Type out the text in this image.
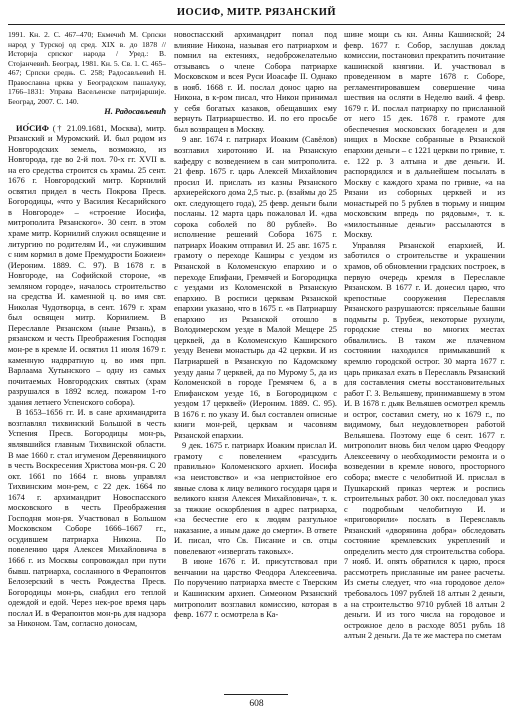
ИОСИФ, МИТР. РЯЗАНСКИЙ

1991. Кн. 2. С. 467–470; Екмечић М. Српски народ у Турској од сред. XIX в. до 1878 // Историја српског народа / Уред.: В. Стојанчевић. Београд, 1981. Кн. 5. Св. 1. С. 465–467; Српски средњ. С. 258; Радосављевић Н. Православна црква у Београдском пашалуку, 1766–1831: Управа Васељенске патријаршије. Београд, 2007. С. 140.

Н. Радосављевић

ИО́СИФ († 21.09.1681, Москва), митр. Рязанский и Муромский. И. был родом из Новгородских земель, возможно, из Новгорода, где во 2-й пол. 70-х гг. XVII в. на его средства строится сь храмы. 25 сент. 1676 г. Новгородский митр. Корнилий освятил придел в честь Покрова Пресв. Богородицы, «что у Василия Кесарийского в Новгороде» – «строение Иосифа, митрополита Рязанского». 30 сент. в этом храме митр. Корнилий служил освящение и литургию по родителям И., «и служившим с ним кормил в доме Премудрости Божиеи» (Иероним. 1889. С. 97). В 1678 г. в Новгороде, на Софийской стороне, «в земляном городе», началось строительство на средства И. каменной ц. во имя свт. Николая Чудотворца, в сент. 1679 г. храм был освящен митр. Корнилием. В Переславле Рязанском (ныне Рязань), в рязанском и честь Преображения Господня мон-ре в кремле И. освятил 11 июля 1679 г. каменную надвратную ц. во имя прп. Варлаама Хутынского – одну из самых почитаемых Новгородских святых (храм разрушался в 1892 вслед. пожаром 1-го здания летнего Успенского собора).

В 1653–1656 гг. И. в сане архимандрита возглавлял тихвинский Большой в честь Успения Пресв. Богородицы мон-рь, являвшийся главным Тихвинской области. В мае 1660 г. стал игуменом Деревяницкого в честь Воскресения Христова мон-ря. С 20 окт. 1661 по 1664 г. вновь управлял Тихвинским мон-рем, с 22 дек. 1664 по 1674 г. архимандрит Новоспасского московского в честь Преображения Господня мон-ря. Участвовал в Большом Московском Соборе 1666–1667 гг., осудившем патриарха Никона. По повелению царя Алексея Михайловича в 1666 г. из Москвы сопровождал при пути бывш. патриарха, сосланного в Ферапонтов Белозерский в честь Рождества Пресв. Богородицы мон-рь, снабдил его теплой одеждой и едой. Через нек-рое время царь послал И. в Ферапонтов мон-рь для надзора за Никоном. Там, согласно доносам,

новоспасский архимандрит попал под влияние Никона, называя его патриархом и помнил на ектениях, недоброжелательно отзываясь о члене Собора патриархе Московском и всея Руси Иоасафе II. Однако в нояб. 1668 г. И. послал донос царю на Никона, в к-ром писал, что Никон принимал у себя богатых казаков, обещавших ему вернуть Патриаршество. И. по его просьбе был возвращен в Москву.

9 авг. 1674 г. патриарх Иоаким (Савёлов) возглавил хиротонию И. на Рязанскую кафедру с возведением в сан митрополита. 21 февр. 1675 г. царь Алексей Михайлович просил И. прислать из казны Рязанского архиерейского дома 2,5 тыс. р. (взаймы до 25 окт. следующего года), 25 февр. деньги были посланы. 12 марта царь пожаловал И. «два сорока соболей по 80 рублей». Во исполнение решений Собора 1675 г. патриарх Иоаким отправил И. 25 авг. 1675 г. грамоту о переходе Каширы с уездом из Рязанской в Коломенскую епархию и о переходе Епифани, Гремячей и Богородицка с уездами из Коломенской в Рязанскую епархию. В росписи церквам Рязанской епархии указано, что в 1675 г. «в Патриаршу епархию из Рязанской отошло в Володимерском уезде в Малой Мещере 25 церквей, да в Коломенскую Каширского уезду Веневи монастырь да 42 церкви. И из Патриаршей в Рязанскую по Кадомскому уезду даны 7 церквей, да по Мурому 5, да из Коломенской в городе Гремячем 6, а в Епифанском уезде 16, в Богородицком с уездом 17 церквей» (Иероним. 1889. С. 95). В 1676 г. по указу И. был составлен описные книги мон-рей, церквам и часовням Рязанской епархии.

9 дек. 1675 г. патриарх Иоаким прислал И. грамоту с повелением «разсудить правильно» Коломенского архиеп. Иосифа «за неистовство» и «за непристойное его явные слова к лицу великого государя царя и великого князя Алексея Михайловича», т. к. за тяжкие оскорбления в адрес патриарха, «за бесчестие его к людям разгульное наказание, а иным даже до смерти». В ответе И. писал, что Св. Писание и св. отцы повелевают «извергать таковых».

В июне 1676 г. И. присутствовал при венчании на царство Феодора Алексеевича. По поручению патриарха вместе с Тверским и Кашинским архиеп. Симеоном Рязанский митрополит возглавил комиссию, которая в февр. 1677 г. осмотрела в Ка-

шине мощи сь кн. Анны Кашинской; 24 февр. 1677 г. Собор, заслушав доклад комиссии, постановил прекратить почитание кашинской княгини. И. участвовал в проведенном в марте 1678 г. Соборе, регламентировавшем совершение чина шествия на осляти в Неделю ваий. 4 февр. 1679 г. И. послал патриарху по присланной от него 15 дек. 1678 г. грамоте для обеспечения московских богаделен и для нищих в Москве собранные в Рязанской епархии деньги – с 1221 церкви по гривне, т. е. 122 р. 3 алтына и две деньги. И. распорядился и в дальнейшем посылать в Москву с каждого храма по гривне, «а на Рязани из соборных церквей и из монастырей по 5 рублев в тюрьму и нищим московским впредь по рядовым», т. к. «милостынные деньги» рассылаются в Москву.

Управляя Рязанской епархией, И. заботился о строительстве и украшении храмов, об обновлении градских построек, в первую очередь кремля в Переславле Рязанском. В 1677 г. И. донесил царю, что крепостные сооружения Переславля Рязанского разрушаются: прясельные башни подмыты р. Трубеж, некоторые рухнули, городские стены во многих местах обвалились. В таком же плачевном состоянии находился примыкавший к кремлю городской острог. 30 марта 1677 г. царь приказал ехать в Переславль Рязанский для составления сметы восстановительных работ Г. З. Вельяшеву, принимавшему в этом И. В 1678 г. дьяк Вельяшев осмотрел кремль и острог, составил смету, но к 1679 г., по видимому, был неудовлетворен работой Вельяшева. Поэтому еще 6 сент. 1677 г. митрополит вновь бил челом царю Феодору Алексеевичу о необходимости ремонта и о возведении в кремле нового, просторного собора; вместе с челобитной И. прислал в Пушкарский приказ чертеж и роспись строительных работ. 30 окт. последовал указ с подробным челобитную И. и «приговорили» послать в Переяславль Рязанский «дворянина добра» обследовать состояние кремлевских укреплений и определить место для строительства собора. 7 нояб. И. опять обратился к царю, прося рассмотреть присланные им ранее расчеты. Из сметы следует, что «на городовое дело» требовалось 1097 рублей 18 алтын 2 деньги, а на строительство 9710 рублей 18 алтын 2 деньги. И из того числа на городовое и острожное дело в расходе 8051 рубль 18 алтын 2 деньги. Да те же мастера по сметам

608
